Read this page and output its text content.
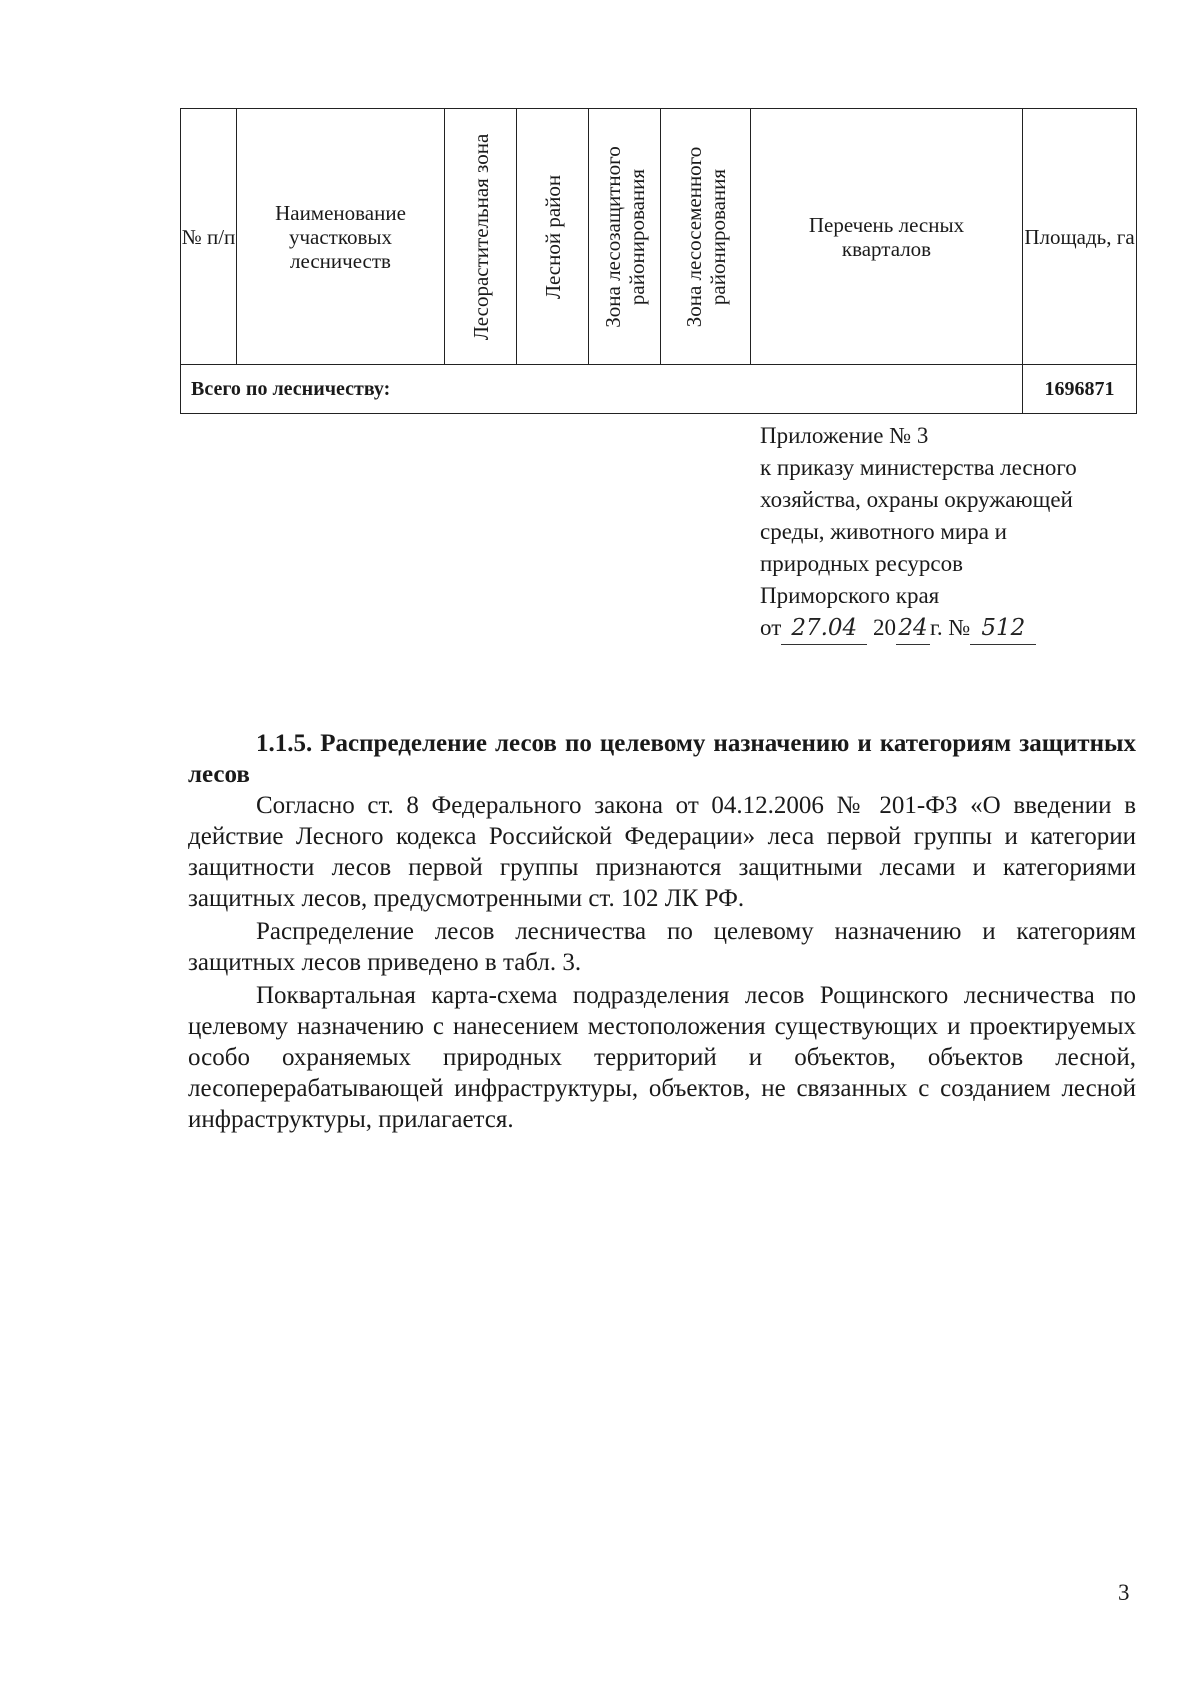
№ п/п	Наименование участковых лесничеств	Лесорастительная зона	Лесной район	Зона лесозащитного районирования	Зона лесосеменного районирования	Перечень лесных кварталов	Площадь, га
Всего по лесничеству:							1696871
Приложение № 3
к приказу министерства лесного
хозяйства, охраны окружающей
среды, животного мира и
природных ресурсов
Приморского края
от 27.04 20 24 г. № 512
1.1.5. Распределение лесов по целевому назначению и категориям защитных лесов
Согласно ст. 8 Федерального закона от 04.12.2006 № 201-ФЗ «О введении в действие Лесного кодекса Российской Федерации» леса первой группы и категории защитности лесов первой группы признаются защитными лесами и категориями защитных лесов, предусмотренными ст. 102 ЛК РФ.
Распределение лесов лесничества по целевому назначению и категориям защитных лесов приведено в табл. 3.
Поквартальная карта-схема подразделения лесов Рощинского лесничества по целевому назначению с нанесением местоположения существующих и проектируемых особо охраняемых природных территорий и объектов, объектов лесной, лесоперерабатывающей инфраструктуры, объектов, не связанных с созданием лесной инфраструктуры, прилагается.
3
